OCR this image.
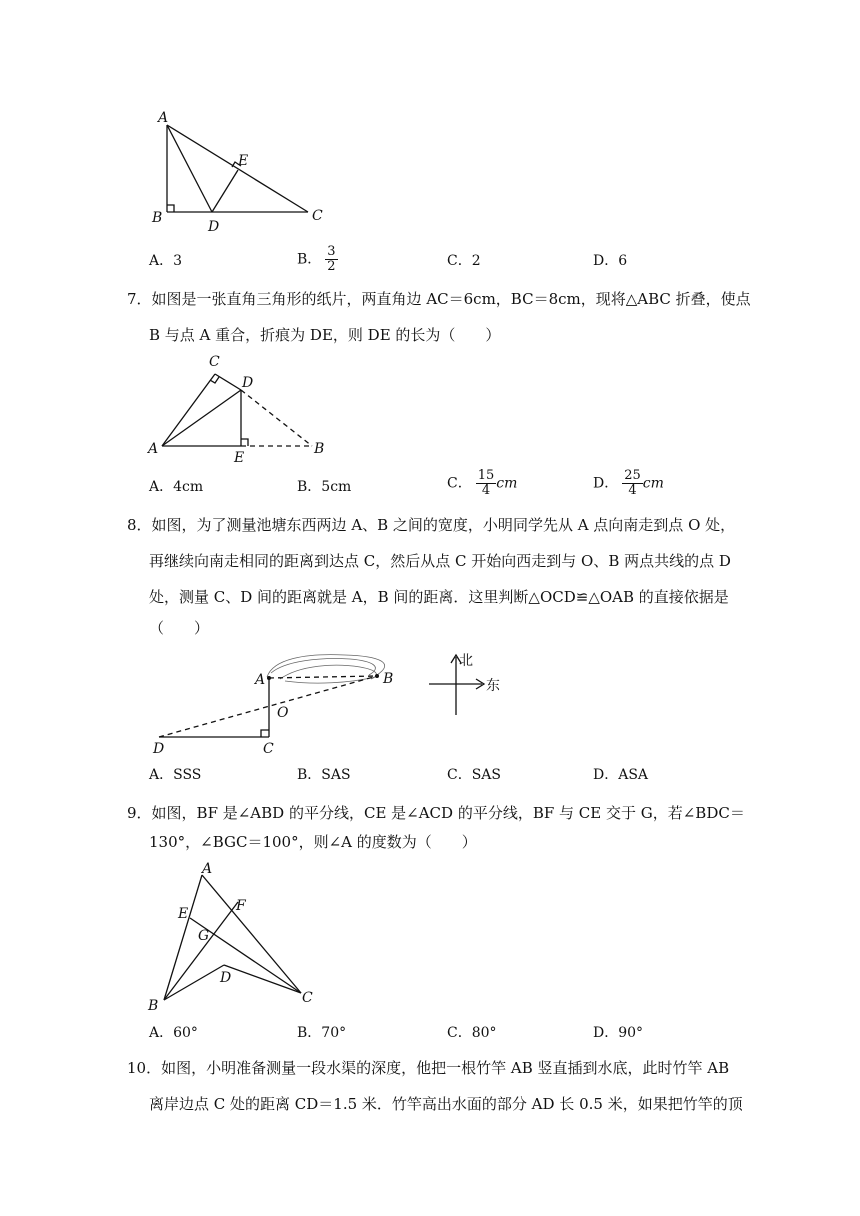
A
B	C
D
E
A．3	B． $\frac{3}{2}$	C．2	D．6
7．如图是一张直角三角形的纸片，两直角边 AC＝6cm，BC＝8cm，现将△ABC 折叠，使点
B 与点 A 重合，折痕为 DE，则 DE 的长为（　　）
C
D
A
E
B
A．4cm	B．5cm	C． $\frac{15}{4}$ cm	D． $\frac{25}{4}$ cm
8．如图，为了测量池塘东西两边 A、B 之间的宽度，小明同学先从 A 点向南走到点 O 处，
再继续向南走相同的距离到达点 C，然后从点 C 开始向西走到与 O、B 两点共线的点 D
处，测量 C、D 间的距离就是 A，B 间的距离．这里判断△OCD≌△OAB 的直接依据是
（　　）
A	B
O
D	C
北
东
A．SSS	B．SAS	C．SAS	D．ASA
9．如图，BF 是∠ABD 的平分线，CE 是∠ACD 的平分线，BF 与 CE 交于 G，若∠BDC＝
130°，∠BGC＝100°，则∠A 的度数为（　　）
A
E	F
G
D
B	C
A．60°	B．70°	C．80°	D．90°
10．如图，小明准备测量一段水渠的深度，他把一根竹竿 AB 竖直插到水底，此时竹竿 AB
离岸边点 C 处的距离 CD＝1.5 米．竹竿高出水面的部分 AD 长 0.5 米，如果把竹竿的顶
